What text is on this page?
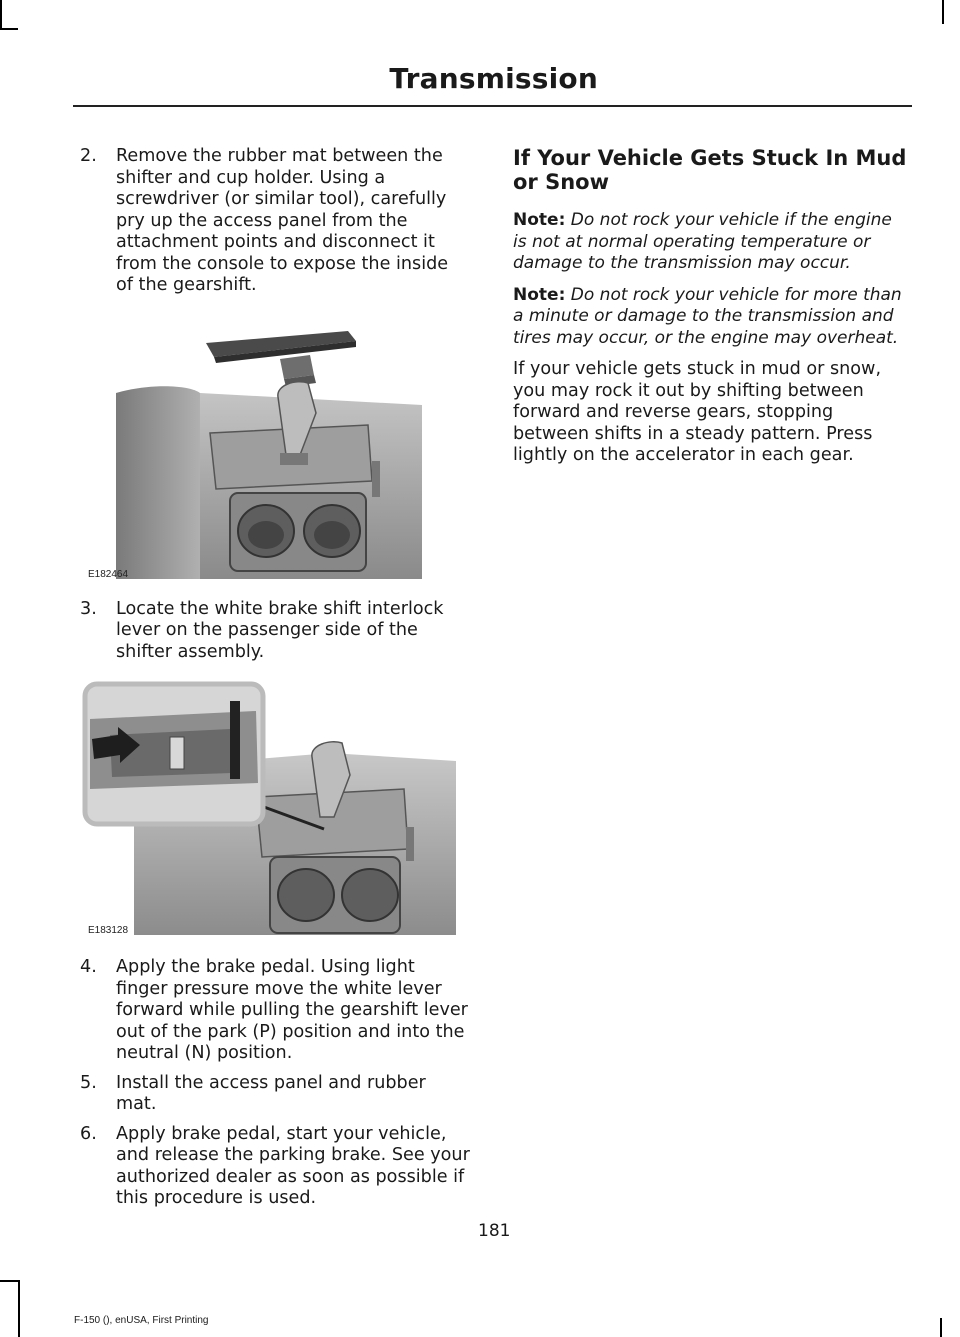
Transmission
2. Remove the rubber mat between the shifter and cup holder. Using a screwdriver (or similar tool), carefully pry up the access panel from the attachment points and disconnect it from the console to expose the inside of the gearshift.
E182464
3. Locate the white brake shift interlock lever on the passenger side of the shifter assembly.
E183128
4. Apply the brake pedal. Using light finger pressure move the white lever forward while pulling the gearshift lever out of the park (P) position and into the neutral (N) position.
5. Install the access panel and rubber mat.
6. Apply brake pedal, start your vehicle, and release the parking brake. See your authorized dealer as soon as possible if this procedure is used.
If Your Vehicle Gets Stuck In Mud or Snow
Note: Do not rock your vehicle if the engine is not at normal operating temperature or damage to the transmission may occur.
Note: Do not rock your vehicle for more than a minute or damage to the transmission and tires may occur, or the engine may overheat.
If your vehicle gets stuck in mud or snow, you may rock it out by shifting between forward and reverse gears, stopping between shifts in a steady pattern. Press lightly on the accelerator in each gear.
181
F-150 (), enUSA, First Printing
